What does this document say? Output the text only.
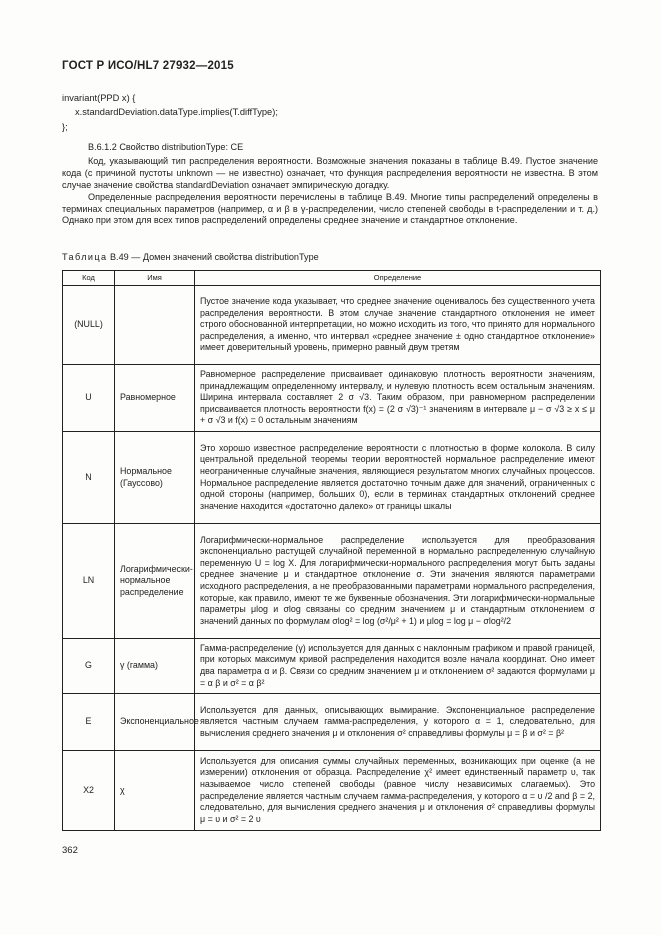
ГОСТ Р ИСО/HL7 27932—2015
invariant(PPD x) {
x.standardDeviation.dataType.implies(T.diffType);
};

B.6.1.2 Свойство distributionType: CE

Код, указывающий тип распределения вероятности. Возможные значения показаны в таблице B.49. Пустое значение кода (с причиной пустоты unknown — не известно) означает, что функция распределения вероятности не известна. В этом случае значение свойства standardDeviation означает эмпирическую догадку.

Определенные распределения вероятности перечислены в таблице B.49. Многие типы распределений определены в терминах специальных параметров (например, α и β в γ-распределении, число степеней свободы в t-распределении и т. д.) Однако при этом для всех типов распределений определены среднее значение и стандартное отклонение.

Таблица B.49 — Домен значений свойства distributionType
Код	Имя	Определение
(NULL)		Пустое значение кода указывает, что среднее значение оценивалось без существенного учета распределения вероятности. В этом случае значение стандартного отклонения не имеет строго обоснованной интерпретации, но можно исходить из того, что принято для нормального распределения, а именно, что интервал «среднее значение ± одно стандартное отклонение» имеет доверительный уровень, примерно равный двум третям
U	Равномерное	Равномерное распределение присваивает одинаковую плотность вероятности значениям, принадлежащим определенному интервалу, и нулевую плотность всем остальным значениям. Ширина интервала составляет 2 σ √3. Таким образом, при равномерном распределении присваивается плотность вероятности f(x) = (2 σ √3)⁻¹ значениям в интервале μ − σ √3 ≥ x ≤ μ + σ √3 и f(x) = 0 остальным значениям
N	Нормальное (Гауссово)	Это хорошо известное распределение вероятности с плотностью в форме колокола. В силу центральной предельной теоремы теории вероятностей нормальное распределение имеют неограниченные случайные значения, являющиеся результатом многих случайных процессов. Нормальное распределение является достаточно точным даже для значений, ограниченных с одной стороны (например, больших 0), если в терминах стандартных отклонений среднее значение находится «достаточно далеко» от границы шкалы
LN	Логарифмически-нормальное распределение	Логарифмически-нормальное распределение используется для преобразования экспоненциально растущей случайной переменной в нормально распределенную случайную переменную U = log X. Для логарифмически-нормального распределения могут быть заданы среднее значение μ и стандартное отклонение σ. Эти значения являются параметрами исходного распределения, а не преобразованными параметрами нормального распределения, которые, как правило, имеют те же буквенные обозначения. Эти логарифмически-нормальные параметры μlog и σlog связаны со средним значением μ и стандартным отклонением σ значений данных по формулам σlog² = log (σ²/μ² + 1) и μlog = log μ − σlog²/2
G	γ (гамма)	Гамма-распределение (γ) используется для данных с наклонным графиком и правой границей, при которых максимум кривой распределения находится возле начала координат. Оно имеет два параметра α и β. Связи со средним значением μ и отклонением σ² задаются формулами μ = α β и σ² = α β²
E	Экспоненциальное	Используется для данных, описывающих вымирание. Экспоненциальное распределение является частным случаем гамма-распределения, у которого α = 1, следовательно, для вычисления среднего значения μ и отклонения σ² справедливы формулы μ = β и σ² = β²
X2	χ	Используется для описания суммы случайных переменных, возникающих при оценке (а не измерении) отклонения от образца. Распределение χ² имеет единственный параметр υ, так называемое число степеней свободы (равное числу независимых слагаемых). Это распределение является частным случаем гамма-распределения, у которого α = υ /2 and β = 2, следовательно, для вычисления среднего значения μ и отклонения σ² справедливы формулы μ = υ и σ² = 2 υ
362
